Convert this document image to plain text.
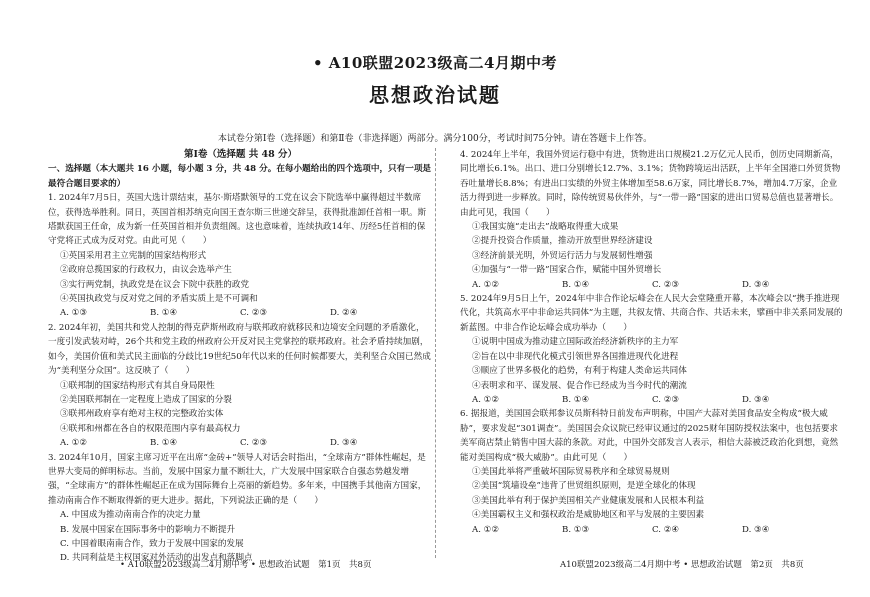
• A10联盟2023级高二4月期中考
思想政治试题
本试卷分第Ⅰ卷（选择题）和第Ⅱ卷（非选择题）两部分。满分100分，考试时间75分钟。请在答题卡上作答。
第Ⅰ卷（选择题 共 48 分）
一、选择题（本大题共 16 小题，每小题 3 分，共 48 分。在每小题给出的四个选项中，只有一项是最符合题目要求的）
1. 2024年7月5日，英国大选计票结束，基尔·斯塔默领导的工党在议会下院选举中赢得超过半数席位，获得选举胜利。同日，英国首相苏纳克向国王查尔斯三世递交辞呈，获得批准卸任首相一职。斯塔默获国王任命，成为新一任英国首相并负责组阁。这也意味着，连续执政14年、历经5任首相的保守党将正式成为反对党。由此可见（　　）
①英国采用君主立宪制的国家结构形式
②政府总揽国家的行政权力，由议会选举产生
③实行两党制，执政党是在议会下院中获胜的政党
④英国执政党与反对党之间的矛盾实质上是不可调和
A. ①③	B. ①④	C. ②③	D. ②④
2. 2024年初，美国共和党人控制的得克萨斯州政府与联邦政府就移民和边境安全问题的矛盾激化，一度引发武装对峙，26个共和党主政的州政府公开反对民主党掌控的联邦政府。社会矛盾持续加剧，如今，美国价值和美式民主面临的分歧比19世纪50年代以来的任何时候都要大，美利坚合众国已然成为“美利坚分众国”。这反映了（　　）
①联邦制的国家结构形式有其自身局限性
②美国联邦制在一定程度上造成了国家的分裂
③联邦州政府享有绝对主权的完整政治实体
④联邦和州都在各自的权限范围内享有最高权力
A. ①②	B. ①④	C. ②③	D. ③④
3. 2024年10月，国家主席习近平在出席“金砖+”领导人对话会时指出，“全球南方”群体性崛起，是世界大变局的鲜明标志。当前，发展中国家力量不断壮大，广大发展中国家联合自强态势越发增强，“全球南方”的群体性崛起正在成为国际舞台上亮丽的新趋势。多年来，中国携手其他南方国家，推动南南合作不断取得新的更大进步。据此，下列说法正确的是（　　）
A. 中国成为推动南南合作的决定力量
B. 发展中国家在国际事务中的影响力不断提升
C. 中国着眼南南合作，致力于发展中国家的发展
D. 共同利益是主权国家对外活动的出发点和落脚点
4. 2024年上半年，我国外贸运行稳中有进，货物进出口规模21.2万亿元人民币，创历史同期新高，同比增长6.1%。出口、进口分别增长12.7%、3.1%；货物跨境运出活跃，上半年全国港口外贸货物吞吐量增长8.8%；有进出口实绩的外贸主体增加至58.6万家，同比增长8.7%，增加4.7万家，企业活力得到进一步释放。同时，除传统贸易伙伴外，与“一带一路”国家的进出口贸易总值也显著增长。由此可见，我国（　　）
①我国实施“走出去”战略取得重大成果
②提升投资合作质量，推动开放型世界经济建设
③经济前景光明，外贸运行活力与发展韧性增强
④加强与“一带一路”国家合作，赋能中国外贸增长
A. ①②	B. ①④	C. ②③	D. ③④
5. 2024年9月5日上午，2024年中非合作论坛峰会在人民大会堂隆重开幕，本次峰会以“携手推进现代化，共筑高水平中非命运共同体”为主题，共叙友情、共商合作、共话未来，擘画中非关系同发展的新蓝图。中非合作论坛峰会成功举办（　　）
①说明中国成为推动建立国际政治经济新秩序的主力军
②旨在以中非现代化模式引领世界各国推进现代化进程
③顺应了世界多极化的趋势，有利于构建人类命运共同体
④表明求和平、谋发展、促合作已经成为当今时代的潮流
A. ①②	B. ①④	C. ②③	D. ③④
6. 据报道，美国国会联邦参议员斯科特日前发布声明称，中国产大蒜对美国食品安全构成“极大威胁”，要求发起“301调查”。美国国会众议院已经审议通过的2025财年国防授权法案中，也包括要求美军商店禁止销售中国大蒜的条款。对此，中国外交部发言人表示，相信大蒜被泛政治化到想，竟然能对美国构成“极大威胁”。由此可见（　　）
①美国此举将严重破坏国际贸易秩序和全球贸易规则
②美国“筑墙设垒”违背了世贸组织原则，是逆全球化的体现
③美国此举有利于保护美国相关产业健康发展和人民根本利益
④美国霸权主义和强权政治是威胁地区和平与发展的主要因素
A. ①②	B. ①③	C. ②④	D. ③④
• A10联盟2023级高二4月期中考 • 思想政治试题　第1页　共8页	A10联盟2023级高二4月期中考 • 思想政治试题　第2页　共8页
